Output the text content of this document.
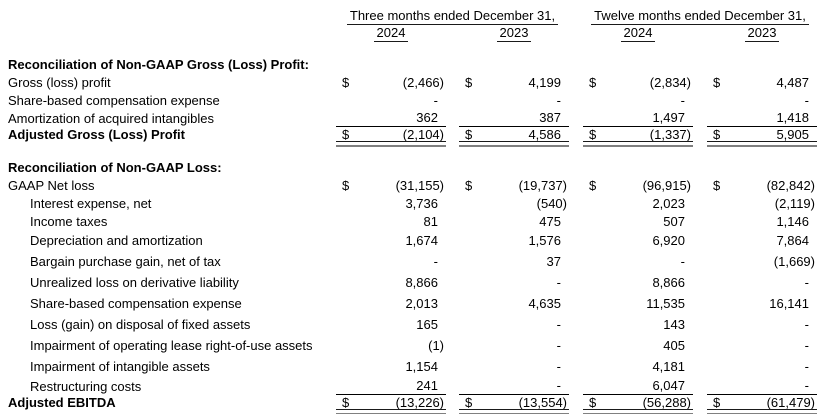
Three months ended December 31,	Twelve months ended December 31,
2024	2023	2024	2023
Reconciliation of Non-GAAP Gross (Loss) Profit:
Gross (loss) profit	$	(2,466) $	4,199	$	(2,834) $	4,487
Share-based compensation expense	-	-	-	-
Amortization of acquired intangibles	362	387	1,497	1,418
Adjusted Gross (Loss) Profit	$	(2,104) $	4,586	$	(1,337) $	5,905
Reconciliation of Non-GAAP Loss:
GAAP Net loss	$	(31,155) $	(19,737) $	(96,915) $	(82,842)
Interest expense, net	3,736	(540)	2,023	(2,119)
Income taxes	81	475	507	1,146
Depreciation and amortization	1,674	1,576	6,920	7,864
Bargain purchase gain, net of tax	-	37	-	(1,669)
Unrealized loss on derivative liability	8,866	-	8,866	-
Share-based compensation expense	2,013	4,635	11,535	16,141
Loss (gain) on disposal of fixed assets	165	-	143	-
Impairment of operating lease right-of-use assets	(1)	-	405	-
Impairment of intangible assets	1,154	-	4,181	-
Restructuring costs	241	-	6,047	-
Adjusted EBITDA	$	(13,226) $	(13,554) $	(56,288) $	(61,479)
